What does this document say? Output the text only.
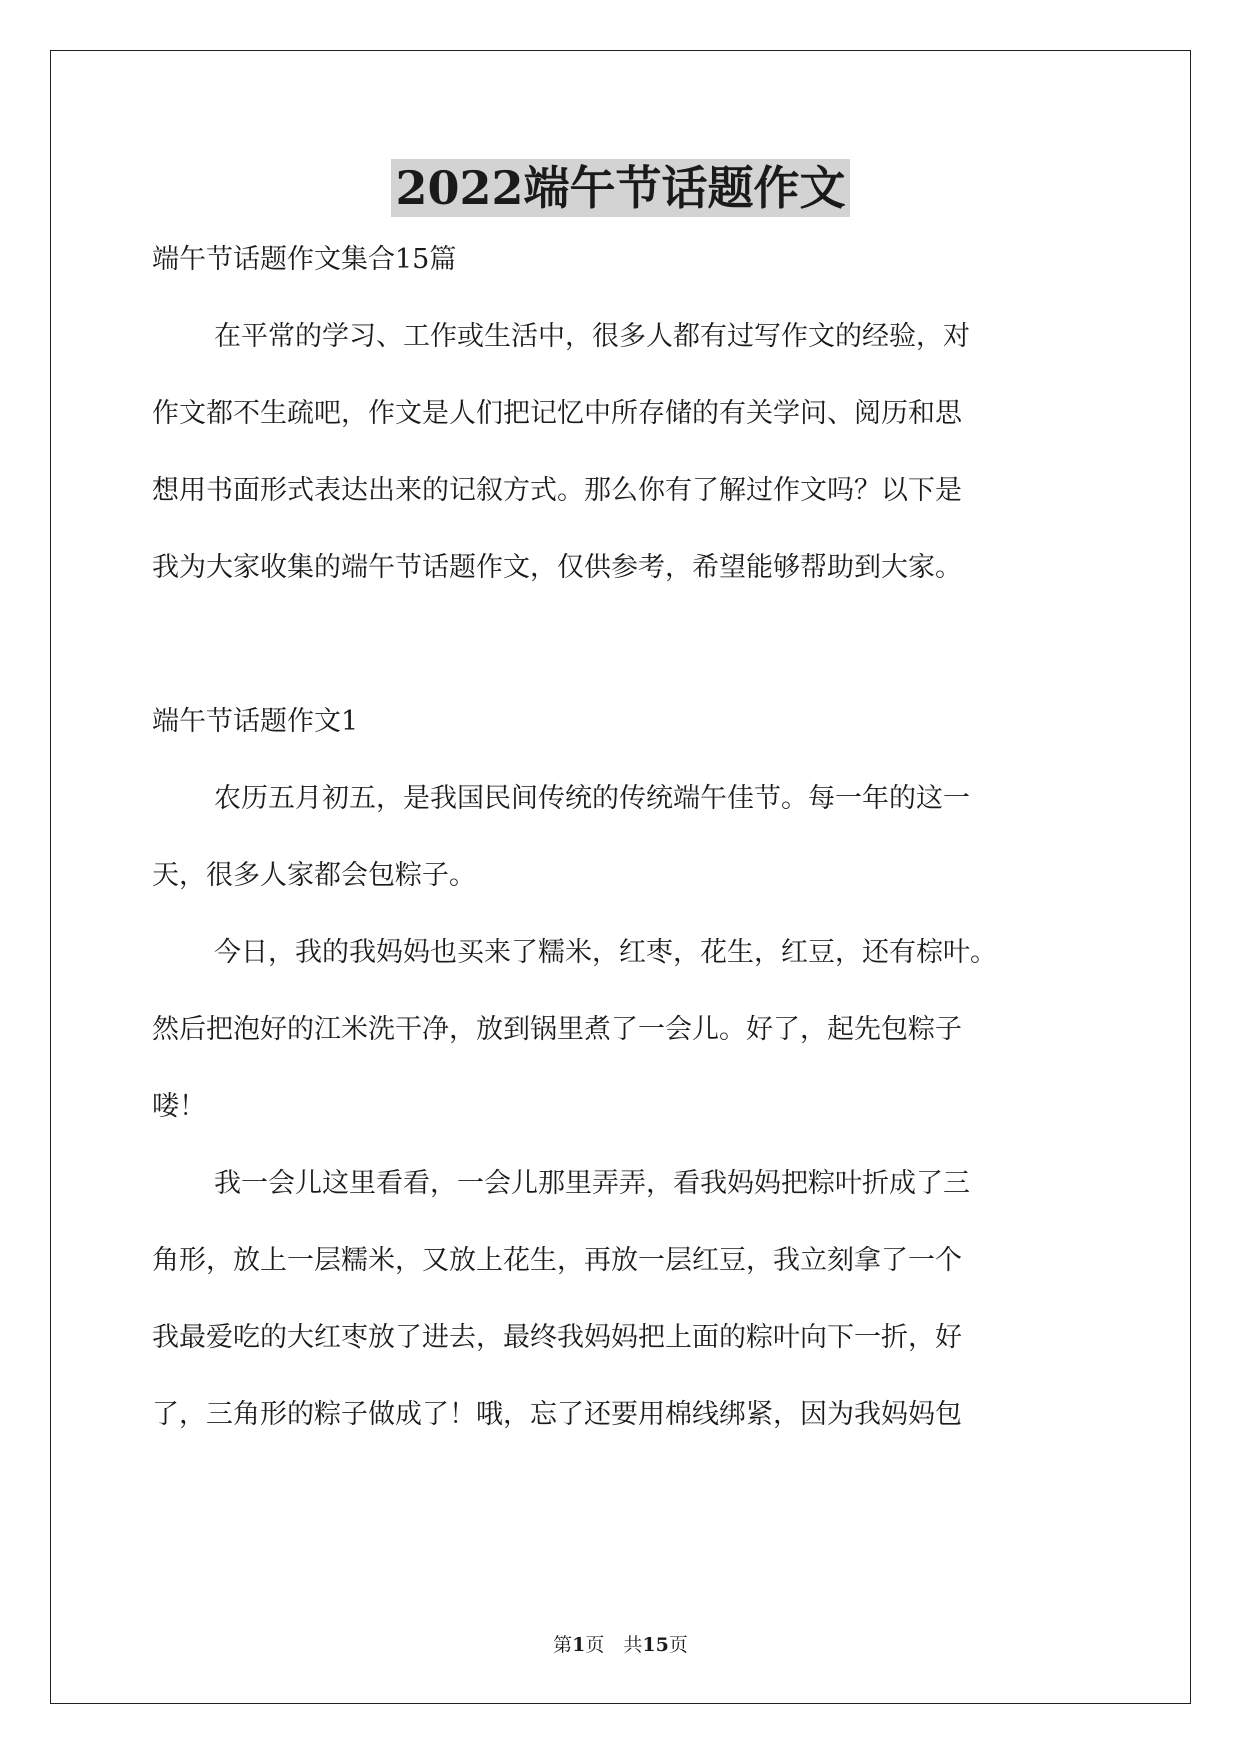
2022端午节话题作文
端午节话题作文集合15篇
在平常的学习、工作或生活中，很多人都有过写作文的经验，对
作文都不生疏吧，作文是人们把记忆中所存储的有关学问、阅历和思
想用书面形式表达出来的记叙方式。那么你有了解过作文吗？以下是
我为大家收集的端午节话题作文，仅供参考，希望能够帮助到大家。
端午节话题作文1
农历五月初五，是我国民间传统的传统端午佳节。每一年的这一
天，很多人家都会包粽子。
今日，我的我妈妈也买来了糯米，红枣，花生，红豆，还有棕叶。
然后把泡好的江米洗干净，放到锅里煮了一会儿。好了，起先包粽子
喽！
我一会儿这里看看，一会儿那里弄弄，看我妈妈把粽叶折成了三
角形，放上一层糯米，又放上花生，再放一层红豆，我立刻拿了一个
我最爱吃的大红枣放了进去，最终我妈妈把上面的粽叶向下一折，好
了，三角形的粽子做成了！哦，忘了还要用棉线绑紧，因为我妈妈包
第1页　共15页
